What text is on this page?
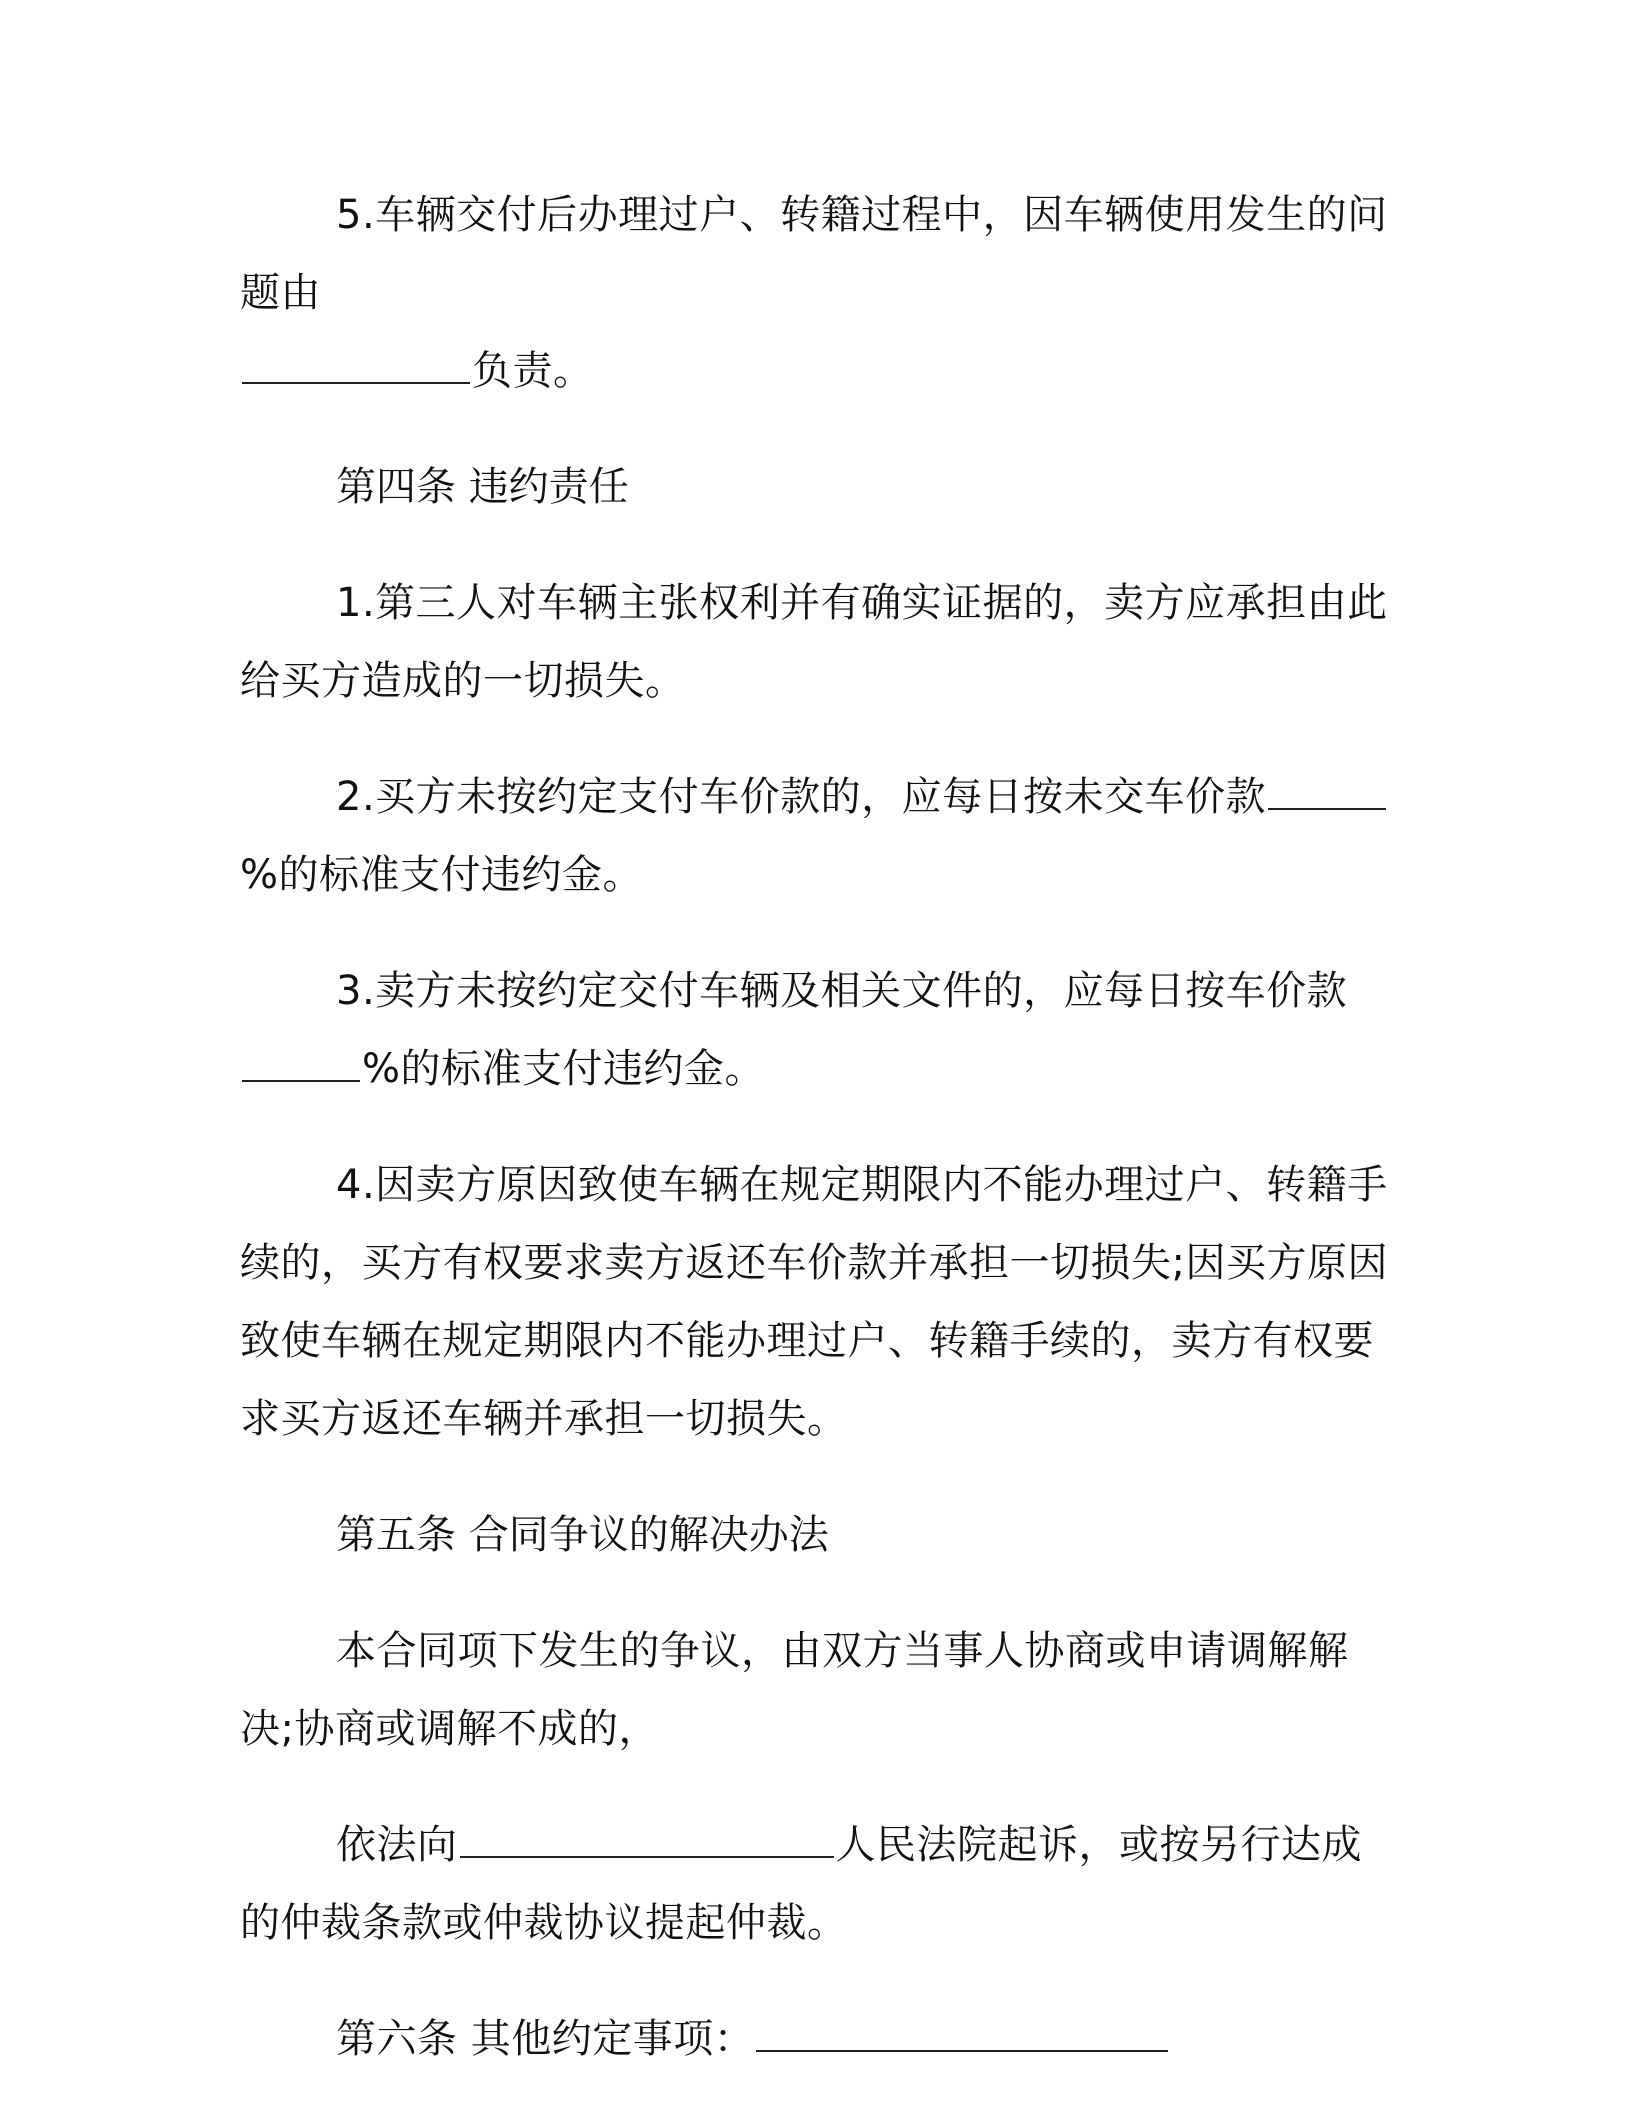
5.车辆交付后办理过户、转籍过程中，因车辆使用发生的问题由
负责。

第四条 违约责任

1.第三人对车辆主张权利并有确实证据的，卖方应承担由此给买方造成的一切损失。

2.买方未按约定支付车价款的，应每日按未交车价款%的标准支付违约金。

3.卖方未按约定交付车辆及相关文件的，应每日按车价款
%的标准支付违约金。

4.因卖方原因致使车辆在规定期限内不能办理过户、转籍手续的，买方有权要求卖方返还车价款并承担一切损失;因买方原因致使车辆在规定期限内不能办理过户、转籍手续的，卖方有权要求买方返还车辆并承担一切损失。

第五条 合同争议的解决办法

本合同项下发生的争议，由双方当事人协商或申请调解解决;协商或调解不成的，

依法向	人民法院起诉，或按另行达成的仲裁条款或仲裁协议提起仲裁。

第六条 其他约定事项：
